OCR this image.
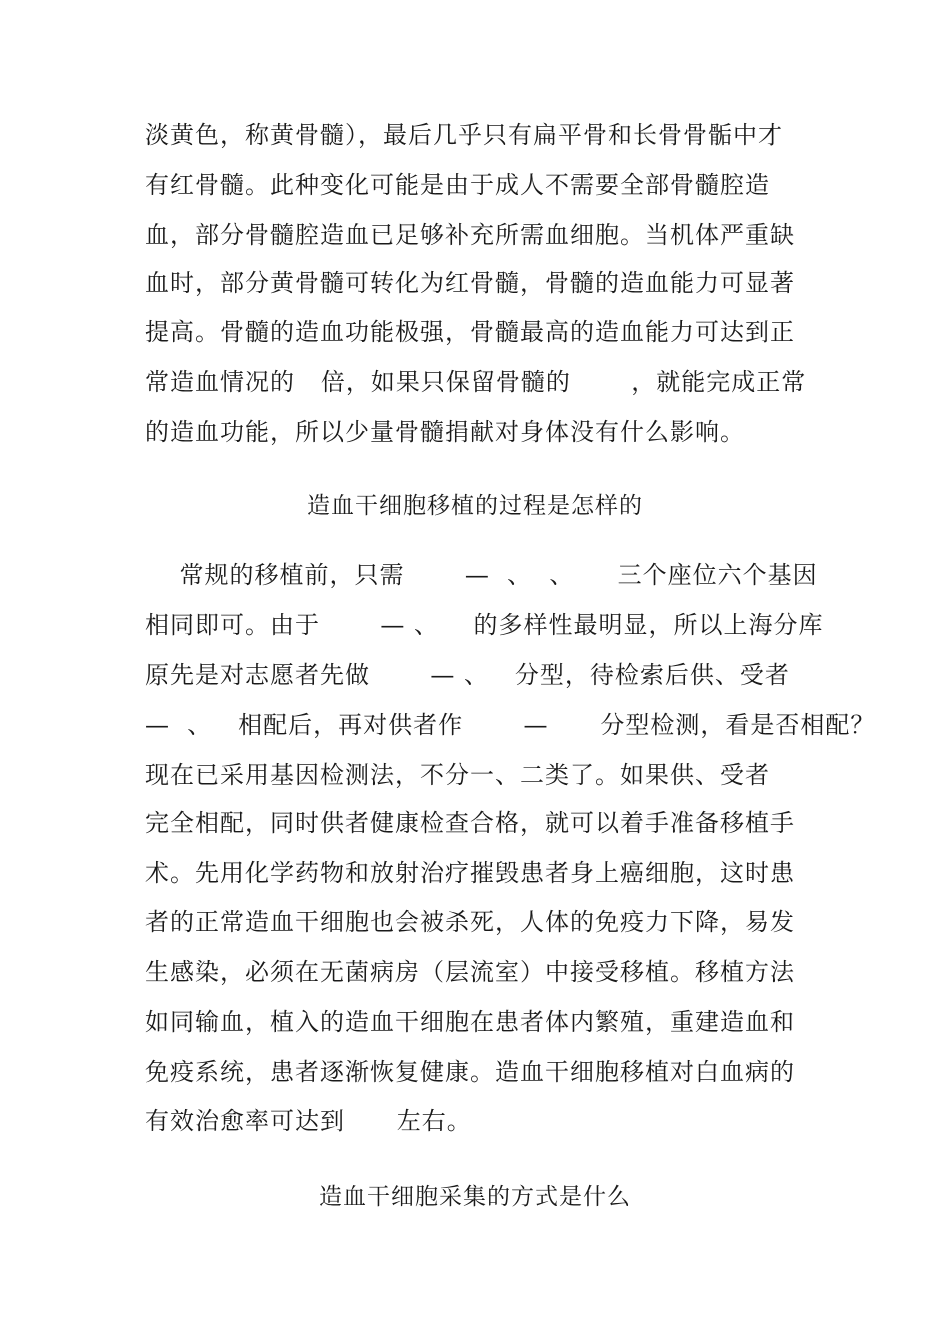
淡黄色，称黄骨髓），最后几乎只有扁平骨和长骨骨骺中才
有红骨髓。此种变化可能是由于成人不需要全部骨髓腔造
血，部分骨髓腔造血已足够补充所需血细胞。当机体严重缺
血时，部分黄骨髓可转化为红骨髓，骨髓的造血能力可显著
提高。骨髓的造血功能极强，骨髓最高的造血能力可达到正
常造血情况的   倍，如果只保留骨髓的       ，就能完成正常
的造血功能，所以少量骨髓捐献对身体没有什么影响。
造血干细胞移植的过程是怎样的
常规的移植前，只需       —  、  、     三个座位六个基因
相同即可。由于       — 、    的多样性最明显，所以上海分库
原先是对志愿者先做       — 、   分型，待检索后供、受者
—  、   相配后，再对供者作       —      分型检测，看是否相配？
现在已采用基因检测法，不分一、二类了。如果供、受者
完全相配，同时供者健康检查合格，就可以着手准备移植手
术。先用化学药物和放射治疗摧毁患者身上癌细胞，这时患
者的正常造血干细胞也会被杀死，人体的免疫力下降，易发
生感染，必须在无菌病房（层流室）中接受移植。移植方法
如同输血，植入的造血干细胞在患者体内繁殖，重建造血和
免疫系统，患者逐渐恢复健康。造血干细胞移植对白血病的
有效治愈率可达到      左右。
造血干细胞采集的方式是什么
